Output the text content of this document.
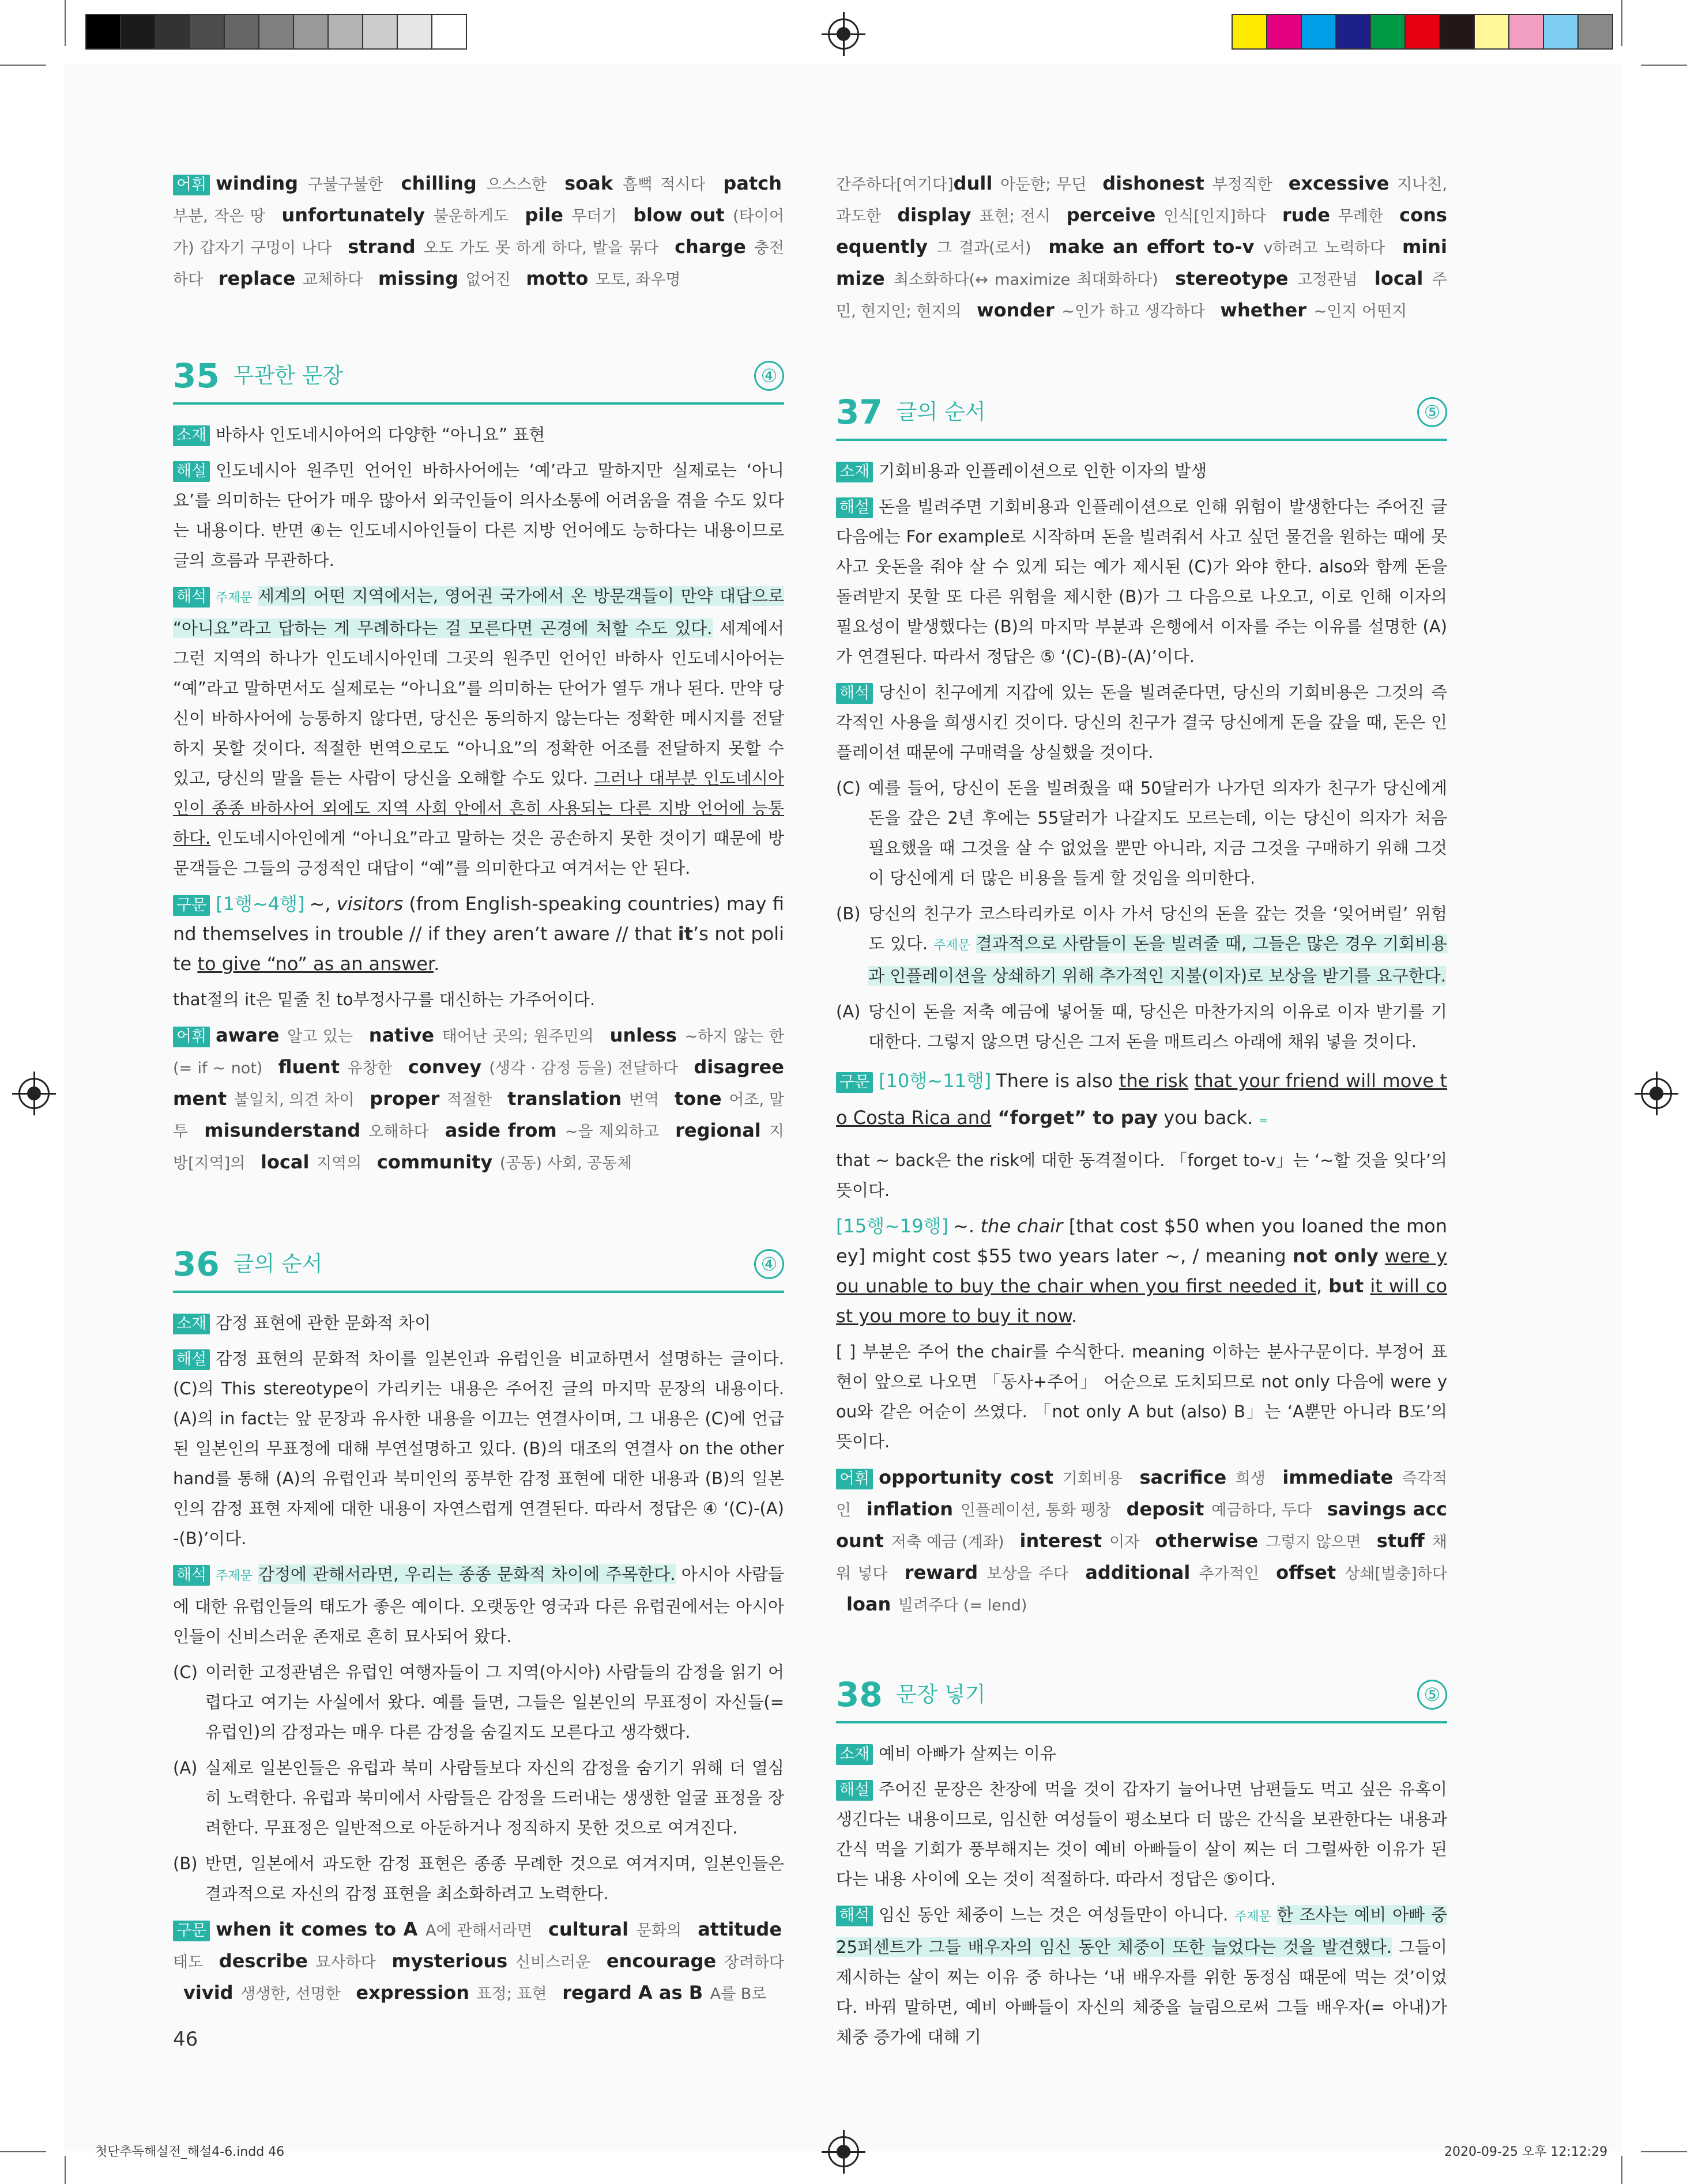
어휘 winding 구불구불한 chilling 으스스한 soak 흠뻑 적시다 patch 부분, 작은 땅 unfortunately 불운하게도 pile 무더기 blow out (타이어가) 갑자기 구멍이 나다 strand 오도 가도 못 하게 하다, 발을 묶다 charge 충전하다 replace 교체하다 missing 없어진 motto 모토, 좌우명

35 무관한 문장	④

소재 바하사 인도네시아어의 다양한 “아니요” 표현

해설 인도네시아 원주민 언어인 바하사어에는 ‘예’라고 말하지만 실제로는 ‘아니요’를 의미하는 단어가 매우 많아서 외국인들이 의사소통에 어려움을 겪을 수도 있다는 내용이다. 반면 ④는 인도네시아인들이 다른 지방 언어에도 능하다는 내용이므로 글의 흐름과 무관하다.

해석 주제문 세계의 어떤 지역에서는, 영어권 국가에서 온 방문객들이 만약 대답으로 “아니요”라고 답하는 게 무례하다는 걸 모른다면 곤경에 처할 수도 있다. 세계에서 그런 지역의 하나가 인도네시아인데 그곳의 원주민 언어인 바하사 인도네시아어는 “예”라고 말하면서도 실제로는 “아니요”를 의미하는 단어가 열두 개나 된다. 만약 당신이 바하사어에 능통하지 않다면, 당신은 동의하지 않는다는 정확한 메시지를 전달하지 못할 것이다. 적절한 번역으로도 “아니요”의 정확한 어조를 전달하지 못할 수 있고, 당신의 말을 듣는 사람이 당신을 오해할 수도 있다. 그러나 대부분 인도네시아인이 종종 바하사어 외에도 지역 사회 안에서 흔히 사용되는 다른 지방 언어에 능통하다. 인도네시아인에게 “아니요”라고 말하는 것은 공손하지 못한 것이기 때문에 방문객들은 그들의 긍정적인 대답이 “예”를 의미한다고 여겨서는 안 된다.

구문 [1행~4행] ~, visitors (from English-speaking countries) may find themselves in trouble // if they aren’t aware // that it’s not polite to give “no” as an answer.

that절의 it은 밑줄 친 to부정사구를 대신하는 가주어이다.

어휘 aware 알고 있는 native 태어난 곳의; 원주민의 unless ~하지 않는 한(= if ~ not) fluent 유창한 convey (생각 · 감정 등을) 전달하다 disagreement 불일치, 의견 차이 proper 적절한 translation 번역 tone 어조, 말투 misunderstand 오해하다 aside from ~을 제외하고 regional 지방[지역]의 local 지역의 community (공동) 사회, 공동체

36 글의 순서	④

소재 감정 표현에 관한 문화적 차이

해설 감정 표현의 문화적 차이를 일본인과 유럽인을 비교하면서 설명하는 글이다. (C)의 This stereotype이 가리키는 내용은 주어진 글의 마지막 문장의 내용이다. (A)의 in fact는 앞 문장과 유사한 내용을 이끄는 연결사이며, 그 내용은 (C)에 언급된 일본인의 무표정에 대해 부연설명하고 있다. (B)의 대조의 연결사 on the other hand를 통해 (A)의 유럽인과 북미인의 풍부한 감정 표현에 대한 내용과 (B)의 일본인의 감정 표현 자제에 대한 내용이 자연스럽게 연결된다. 따라서 정답은 ④ ‘(C)-(A)-(B)’이다.

해석 주제문 감정에 관해서라면, 우리는 종종 문화적 차이에 주목한다. 아시아 사람들에 대한 유럽인들의 태도가 좋은 예이다. 오랫동안 영국과 다른 유럽권에서는 아시아인들이 신비스러운 존재로 흔히 묘사되어 왔다.

(C) 이러한 고정관념은 유럽인 여행자들이 그 지역(아시아) 사람들의 감정을 읽기 어렵다고 여기는 사실에서 왔다. 예를 들면, 그들은 일본인의 무표정이 자신들(= 유럽인)의 감정과는 매우 다른 감정을 숨길지도 모른다고 생각했다.

(A) 실제로 일본인들은 유럽과 북미 사람들보다 자신의 감정을 숨기기 위해 더 열심히 노력한다. 유럽과 북미에서 사람들은 감정을 드러내는 생생한 얼굴 표정을 장려한다. 무표정은 일반적으로 아둔하거나 정직하지 못한 것으로 여겨진다.

(B) 반면, 일본에서 과도한 감정 표현은 종종 무례한 것으로 여겨지며, 일본인들은 결과적으로 자신의 감정 표현을 최소화하려고 노력한다.

구문 when it comes to A A에 관해서라면 cultural 문화의 attitude 태도 describe 묘사하다 mysterious 신비스러운 encourage 장려하다 vivid 생생한, 선명한 expression 표정; 표현 regard A as B A를 B로

간주하다[여기다]dull 아둔한; 무딘 dishonest 부정직한 excessive 지나친, 과도한 display 표현; 전시 perceive 인식[인지]하다 rude 무례한 consequently 그 결과(로서) make an effort to-v v하려고 노력하다 minimize 최소화하다(↔ maximize 최대화하다) stereotype 고정관념 local 주민, 현지인; 현지의 wonder ~인가 하고 생각하다 whether ~인지 어떤지

37 글의 순서	⑤

소재 기회비용과 인플레이션으로 인한 이자의 발생

해설 돈을 빌려주면 기회비용과 인플레이션으로 인해 위험이 발생한다는 주어진 글 다음에는 For example로 시작하며 돈을 빌려줘서 사고 싶던 물건을 원하는 때에 못 사고 웃돈을 줘야 살 수 있게 되는 예가 제시된 (C)가 와야 한다. also와 함께 돈을 돌려받지 못할 또 다른 위험을 제시한 (B)가 그 다음으로 나오고, 이로 인해 이자의 필요성이 발생했다는 (B)의 마지막 부분과 은행에서 이자를 주는 이유를 설명한 (A)가 연결된다. 따라서 정답은 ⑤ ‘(C)-(B)-(A)’이다.

해석 당신이 친구에게 지갑에 있는 돈을 빌려준다면, 당신의 기회비용은 그것의 즉각적인 사용을 희생시킨 것이다. 당신의 친구가 결국 당신에게 돈을 갚을 때, 돈은 인플레이션 때문에 구매력을 상실했을 것이다.

(C) 예를 들어, 당신이 돈을 빌려줬을 때 50달러가 나가던 의자가 친구가 당신에게 돈을 갚은 2년 후에는 55달러가 나갈지도 모르는데, 이는 당신이 의자가 처음 필요했을 때 그것을 살 수 없었을 뿐만 아니라, 지금 그것을 구매하기 위해 그것이 당신에게 더 많은 비용을 들게 할 것임을 의미한다.

(B) 당신의 친구가 코스타리카로 이사 가서 당신의 돈을 갚는 것을 ‘잊어버릴’ 위험도 있다. 주제문 결과적으로 사람들이 돈을 빌려줄 때, 그들은 많은 경우 기회비용과 인플레이션을 상쇄하기 위해 추가적인 지불(이자)로 보상을 받기를 요구한다.

(A) 당신이 돈을 저축 예금에 넣어둘 때, 당신은 마찬가지의 이유로 이자 받기를 기대한다. 그렇지 않으면 당신은 그저 돈을 매트리스 아래에 채워 넣을 것이다.

구문 [10행~11행] There is also the risk that your friend will move to Costa Rica and “forget” to pay you back. =

that ~ back은 the risk에 대한 동격절이다. 「forget to-v」는 ‘~할 것을 잊다’의 뜻이다.

[15행~19행] ~. the chair [that cost $50 when you loaned the money] might cost $55 two years later ~, / meaning not only were you unable to buy the chair when you first needed it, but it will cost you more to buy it now.

[ ] 부분은 주어 the chair를 수식한다. meaning 이하는 분사구문이다. 부정어 표현이 앞으로 나오면 「동사+주어」 어순으로 도치되므로 not only 다음에 were you와 같은 어순이 쓰였다. 「not only A but (also) B」는 ‘A뿐만 아니라 B도’의 뜻이다.

어휘 opportunity cost 기회비용 sacrifice 희생 immediate 즉각적인 inflation 인플레이션, 통화 팽창 deposit 예금하다, 두다 savings account 저축 예금 (계좌) interest 이자 otherwise 그렇지 않으면 stuff 채워 넣다 reward 보상을 주다 additional 추가적인 offset 상쇄[벌충]하다 loan 빌려주다 (= lend)

38 문장 넣기	⑤

소재 예비 아빠가 살찌는 이유

해설 주어진 문장은 찬장에 먹을 것이 갑자기 늘어나면 남편들도 먹고 싶은 유혹이 생긴다는 내용이므로, 임신한 여성들이 평소보다 더 많은 간식을 보관한다는 내용과 간식 먹을 기회가 풍부해지는 것이 예비 아빠들이 살이 찌는 더 그럴싸한 이유가 된다는 내용 사이에 오는 것이 적절하다. 따라서 정답은 ⑤이다.

해석 임신 동안 체중이 느는 것은 여성들만이 아니다. 주제문 한 조사는 예비 아빠 중 25퍼센트가 그들 배우자의 임신 동안 체중이 또한 늘었다는 것을 발견했다. 그들이 제시하는 살이 찌는 이유 중 하나는 ‘내 배우자를 위한 동정심 때문에 먹는 것’이었다. 바꿔 말하면, 예비 아빠들이 자신의 체중을 늘림으로써 그들 배우자(= 아내)가 체중 증가에 대해 기

46
첫단추독해실전_해설4-6.indd 46	2020-09-25 오후 12:12:29
